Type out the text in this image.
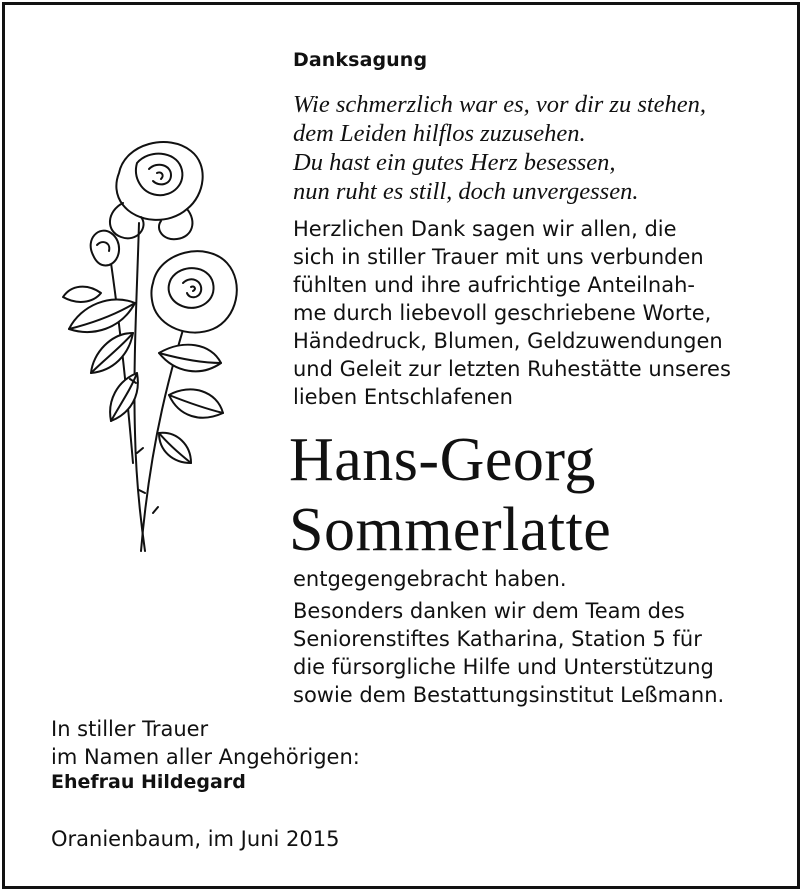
Danksagung
Wie schmerzlich war es, vor dir zu stehen,
dem Leiden hilflos zuzusehen.
Du hast ein gutes Herz besessen,
nun ruht es still, doch unvergessen.
Herzlichen Dank sagen wir allen, die
sich in stiller Trauer mit uns verbunden
fühlten und ihre aufrichtige Anteilnah-
me durch liebevoll geschriebene Worte,
Händedruck, Blumen, Geldzuwendungen
und Geleit zur letzten Ruhestätte unseres
lieben Entschlafenen
Hans-Georg
Sommerlatte
entgegengebracht haben.
Besonders danken wir dem Team des
Seniorenstiftes Katharina, Station 5 für
die fürsorgliche Hilfe und Unterstützung
sowie dem Bestattungsinstitut Leßmann.
In stiller Trauer
im Namen aller Angehörigen:
Ehefrau Hildegard
Oranienbaum, im Juni 2015
